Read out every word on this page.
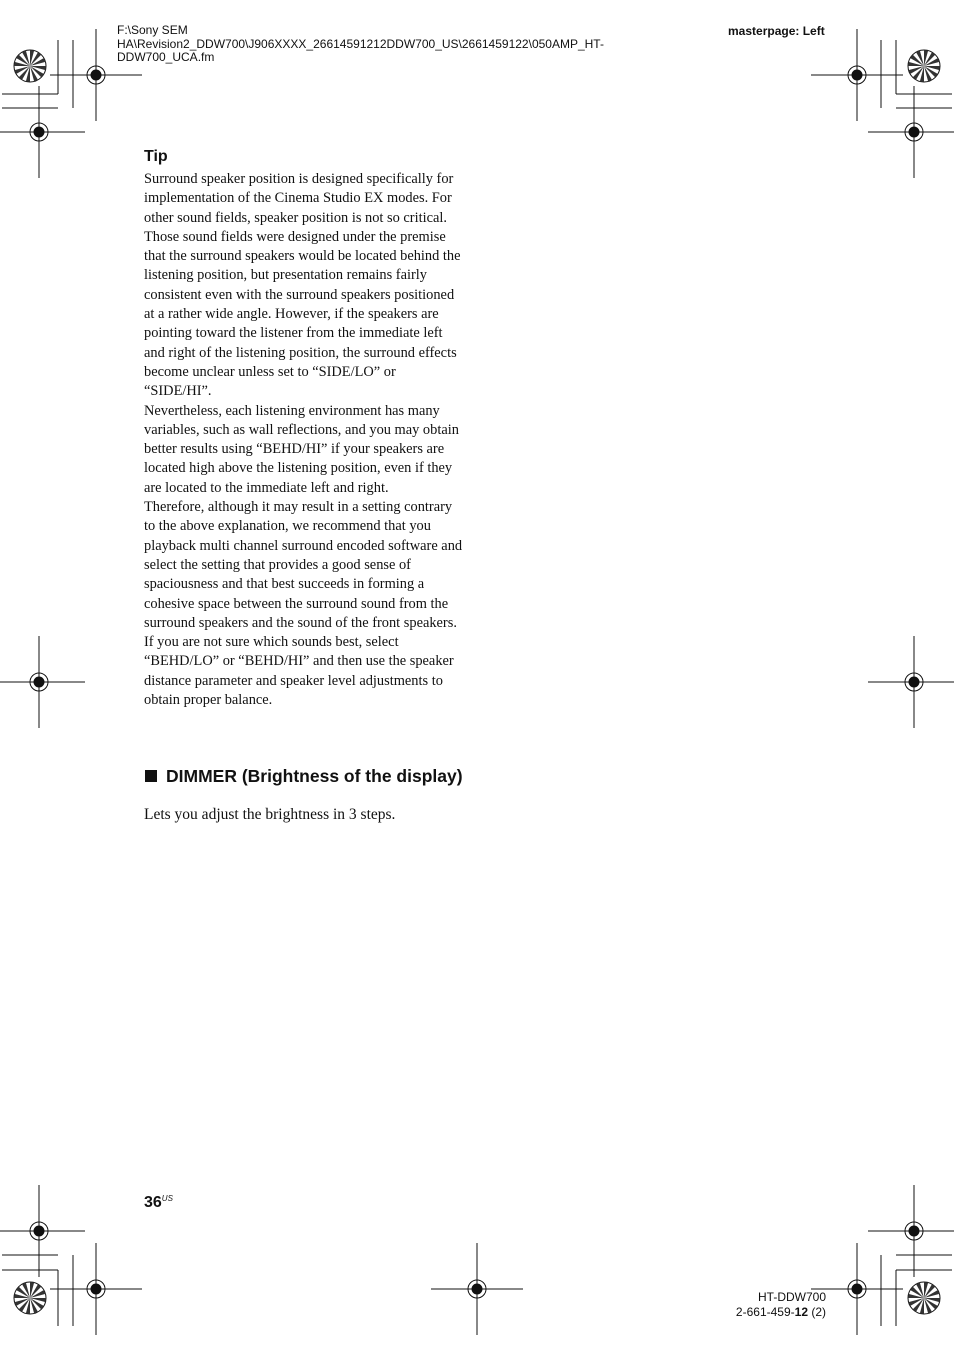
F:\Sony SEM
HA\Revision2_DDW700\J906XXXX_26614591212DDW700_US\2661459122\050AMP_HT-
DDW700_UCA.fm
masterpage: Left
Tip

Surround speaker position is designed specifically for implementation of the Cinema Studio EX modes. For other sound fields, speaker position is not so critical.

Those sound fields were designed under the premise that the surround speakers would be located behind the listening position, but presentation remains fairly consistent even with the surround speakers positioned at a rather wide angle. However, if the speakers are pointing toward the listener from the immediate left and right of the listening position, the surround effects become unclear unless set to “SIDE/LO” or “SIDE/HI”.

Nevertheless, each listening environment has many variables, such as wall reflections, and you may obtain better results using “BEHD/HI” if your speakers are located high above the listening position, even if they are located to the immediate left and right.

Therefore, although it may result in a setting contrary to the above explanation, we recommend that you playback multi channel surround encoded software and select the setting that provides a good sense of spaciousness and that best succeeds in forming a cohesive space between the surround sound from the surround speakers and the sound of the front speakers. If you are not sure which sounds best, select “BEHD/LO” or “BEHD/HI” and then use the speaker distance parameter and speaker level adjustments to obtain proper balance.

DIMMER (Brightness of the display)
Lets you adjust the brightness in 3 steps.
$36^{US}$
HT-DDW700
2-661-459-12 (2)
